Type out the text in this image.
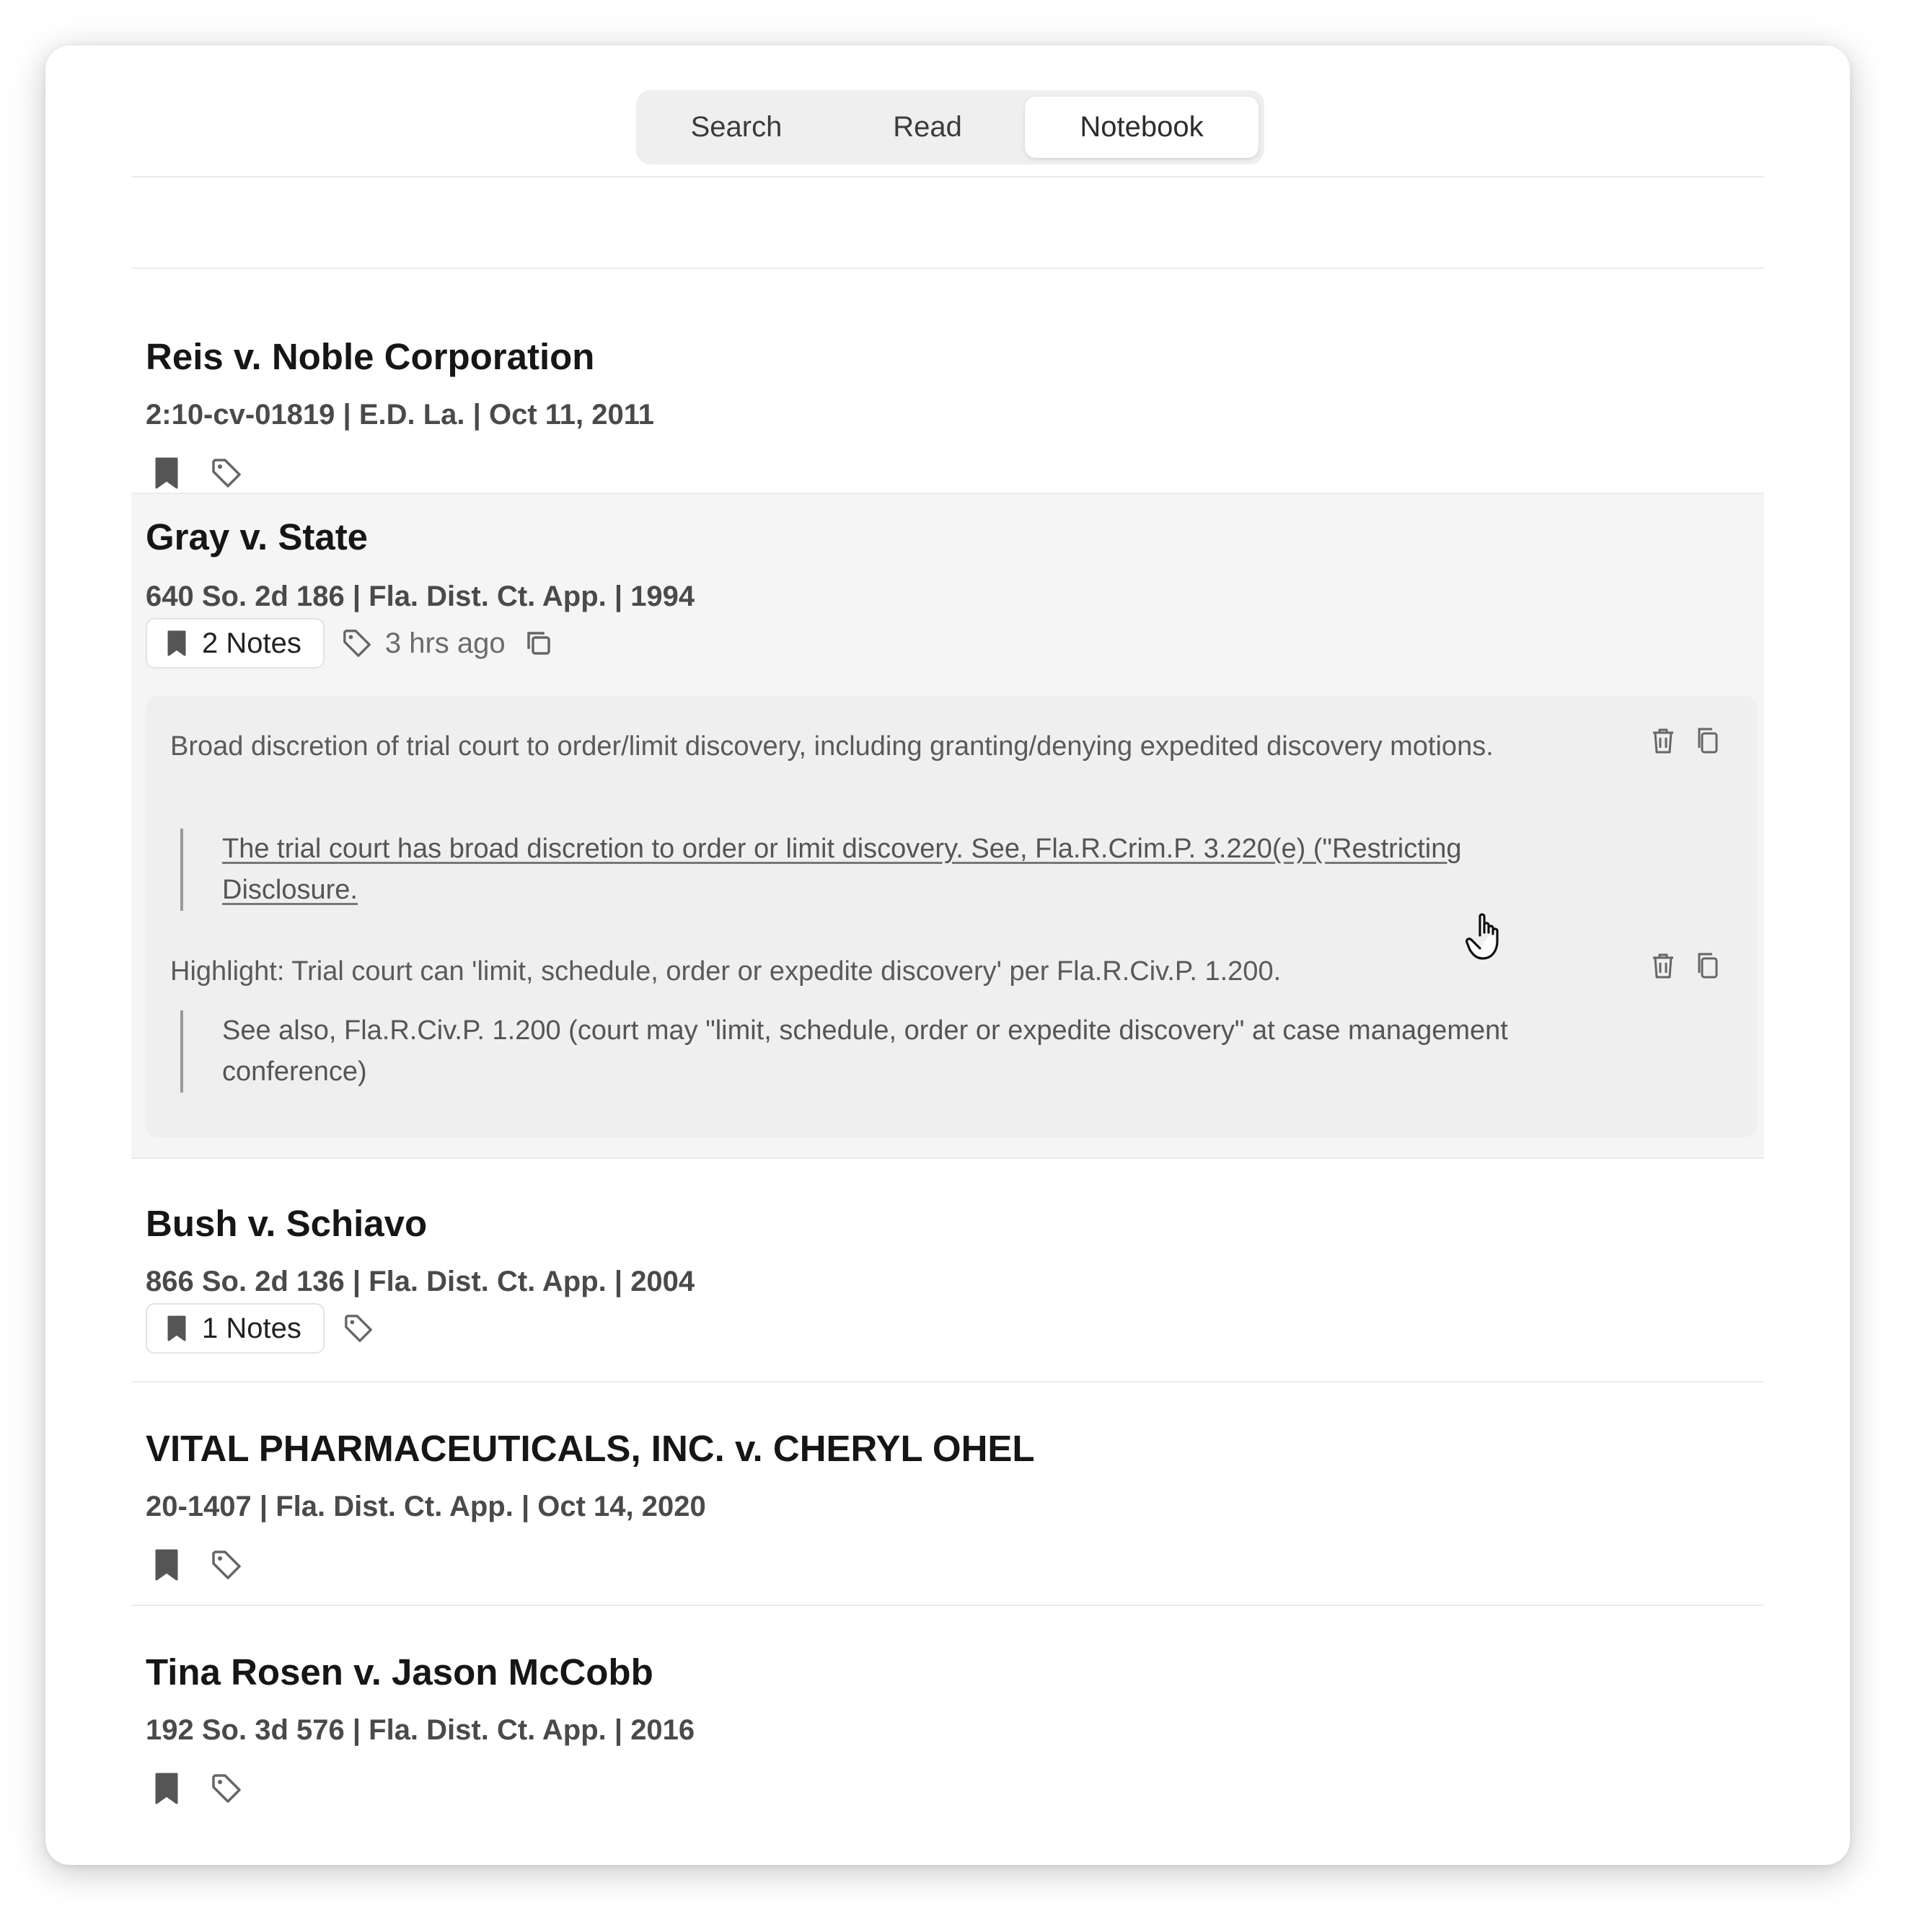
Search	Read	Notebook
Reis v. Noble Corporation
2:10-cv-01819 | E.D. La. | Oct 11, 2011
Gray v. State
640 So. 2d 186 | Fla. Dist. Ct. App. | 1994
2 Notes	3 hrs ago
Broad discretion of trial court to order/limit discovery, including granting/denying expedited discovery motions.
The trial court has broad discretion to order or limit discovery. See, Fla.R.Crim.P. 3.220(e) ("Restricting Disclosure.
Highlight: Trial court can 'limit, schedule, order or expedite discovery' per Fla.R.Civ.P. 1.200.
See also, Fla.R.Civ.P. 1.200 (court may "limit, schedule, order or expedite discovery" at case management conference)
Bush v. Schiavo
866 So. 2d 136 | Fla. Dist. Ct. App. | 2004
1 Notes
VITAL PHARMACEUTICALS, INC. v. CHERYL OHEL
20-1407 | Fla. Dist. Ct. App. | Oct 14, 2020
Tina Rosen v. Jason McCobb
192 So. 3d 576 | Fla. Dist. Ct. App. | 2016
